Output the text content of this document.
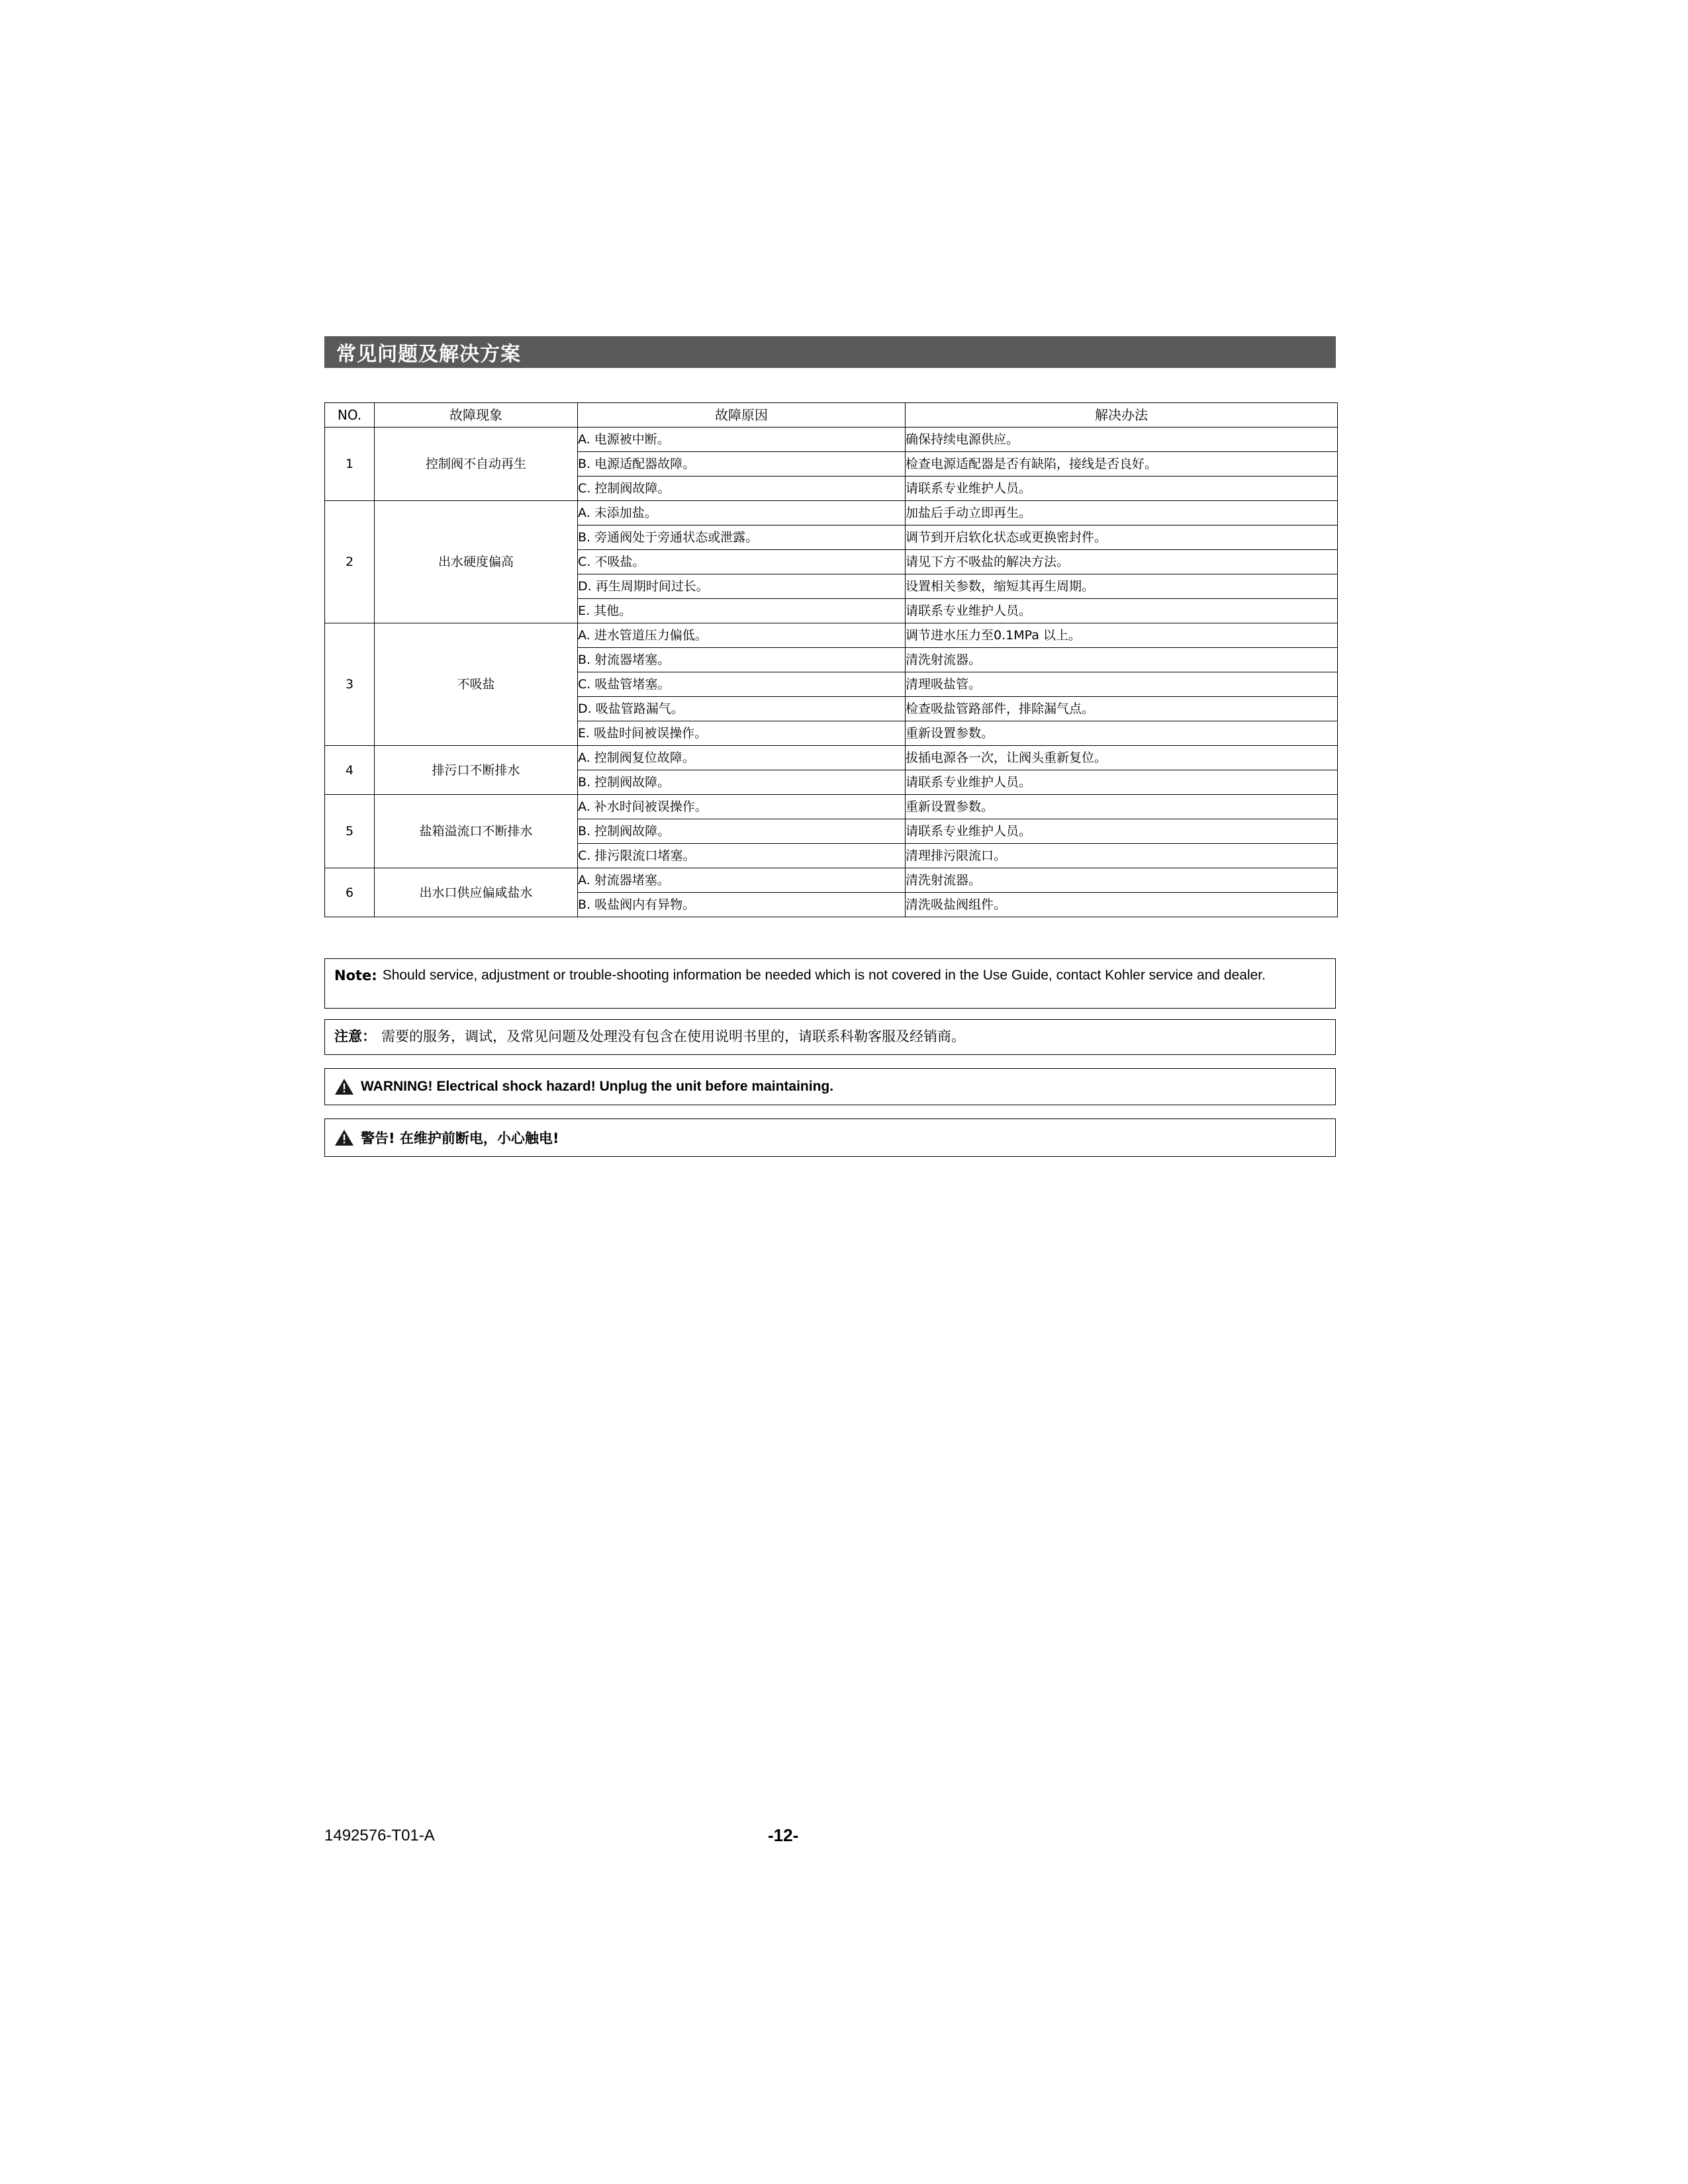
常见问题及解决方案
NO.	故障现象	故障原因	解决办法
1	控制阀不自动再生	A. 电源被中断。	确保持续电源供应。
		B. 电源适配器故障。	检查电源适配器是否有缺陷，接线是否良好。
		C. 控制阀故障。	请联系专业维护人员。
2	出水硬度偏高	A. 未添加盐。	加盐后手动立即再生。
		B. 旁通阀处于旁通状态或泄露。	调节到开启软化状态或更换密封件。
		C. 不吸盐。	请见下方不吸盐的解决方法。
		D. 再生周期时间过长。	设置相关参数，缩短其再生周期。
		E. 其他。	请联系专业维护人员。
3	不吸盐	A. 进水管道压力偏低。	调节进水压力至0.1MPa 以上。
		B. 射流器堵塞。	清洗射流器。
		C. 吸盐管堵塞。	清理吸盐管。
		D. 吸盐管路漏气。	检查吸盐管路部件，排除漏气点。
		E. 吸盐时间被误操作。	重新设置参数。
4	排污口不断排水	A. 控制阀复位故障。	拔插电源各一次，让阀头重新复位。
		B. 控制阀故障。	请联系专业维护人员。
5	盐箱溢流口不断排水	A. 补水时间被误操作。	重新设置参数。
		B. 控制阀故障。	请联系专业维护人员。
		C. 排污限流口堵塞。	清理排污限流口。
6	出水口供应偏咸盐水	A. 射流器堵塞。	清洗射流器。
		B. 吸盐阀内有异物。	清洗吸盐阀组件。
Note: Should service, adjustment or trouble-shooting information be needed which is not covered in the Use Guide, contact Kohler service and dealer.
注意： 需要的服务，调试，及常见问题及处理没有包含在使用说明书里的，请联系科勒客服及经销商。
WARNING! Electrical shock hazard! Unplug the unit before maintaining.
警告! 在维护前断电，小心触电!
1492576-T01-A	-12-
